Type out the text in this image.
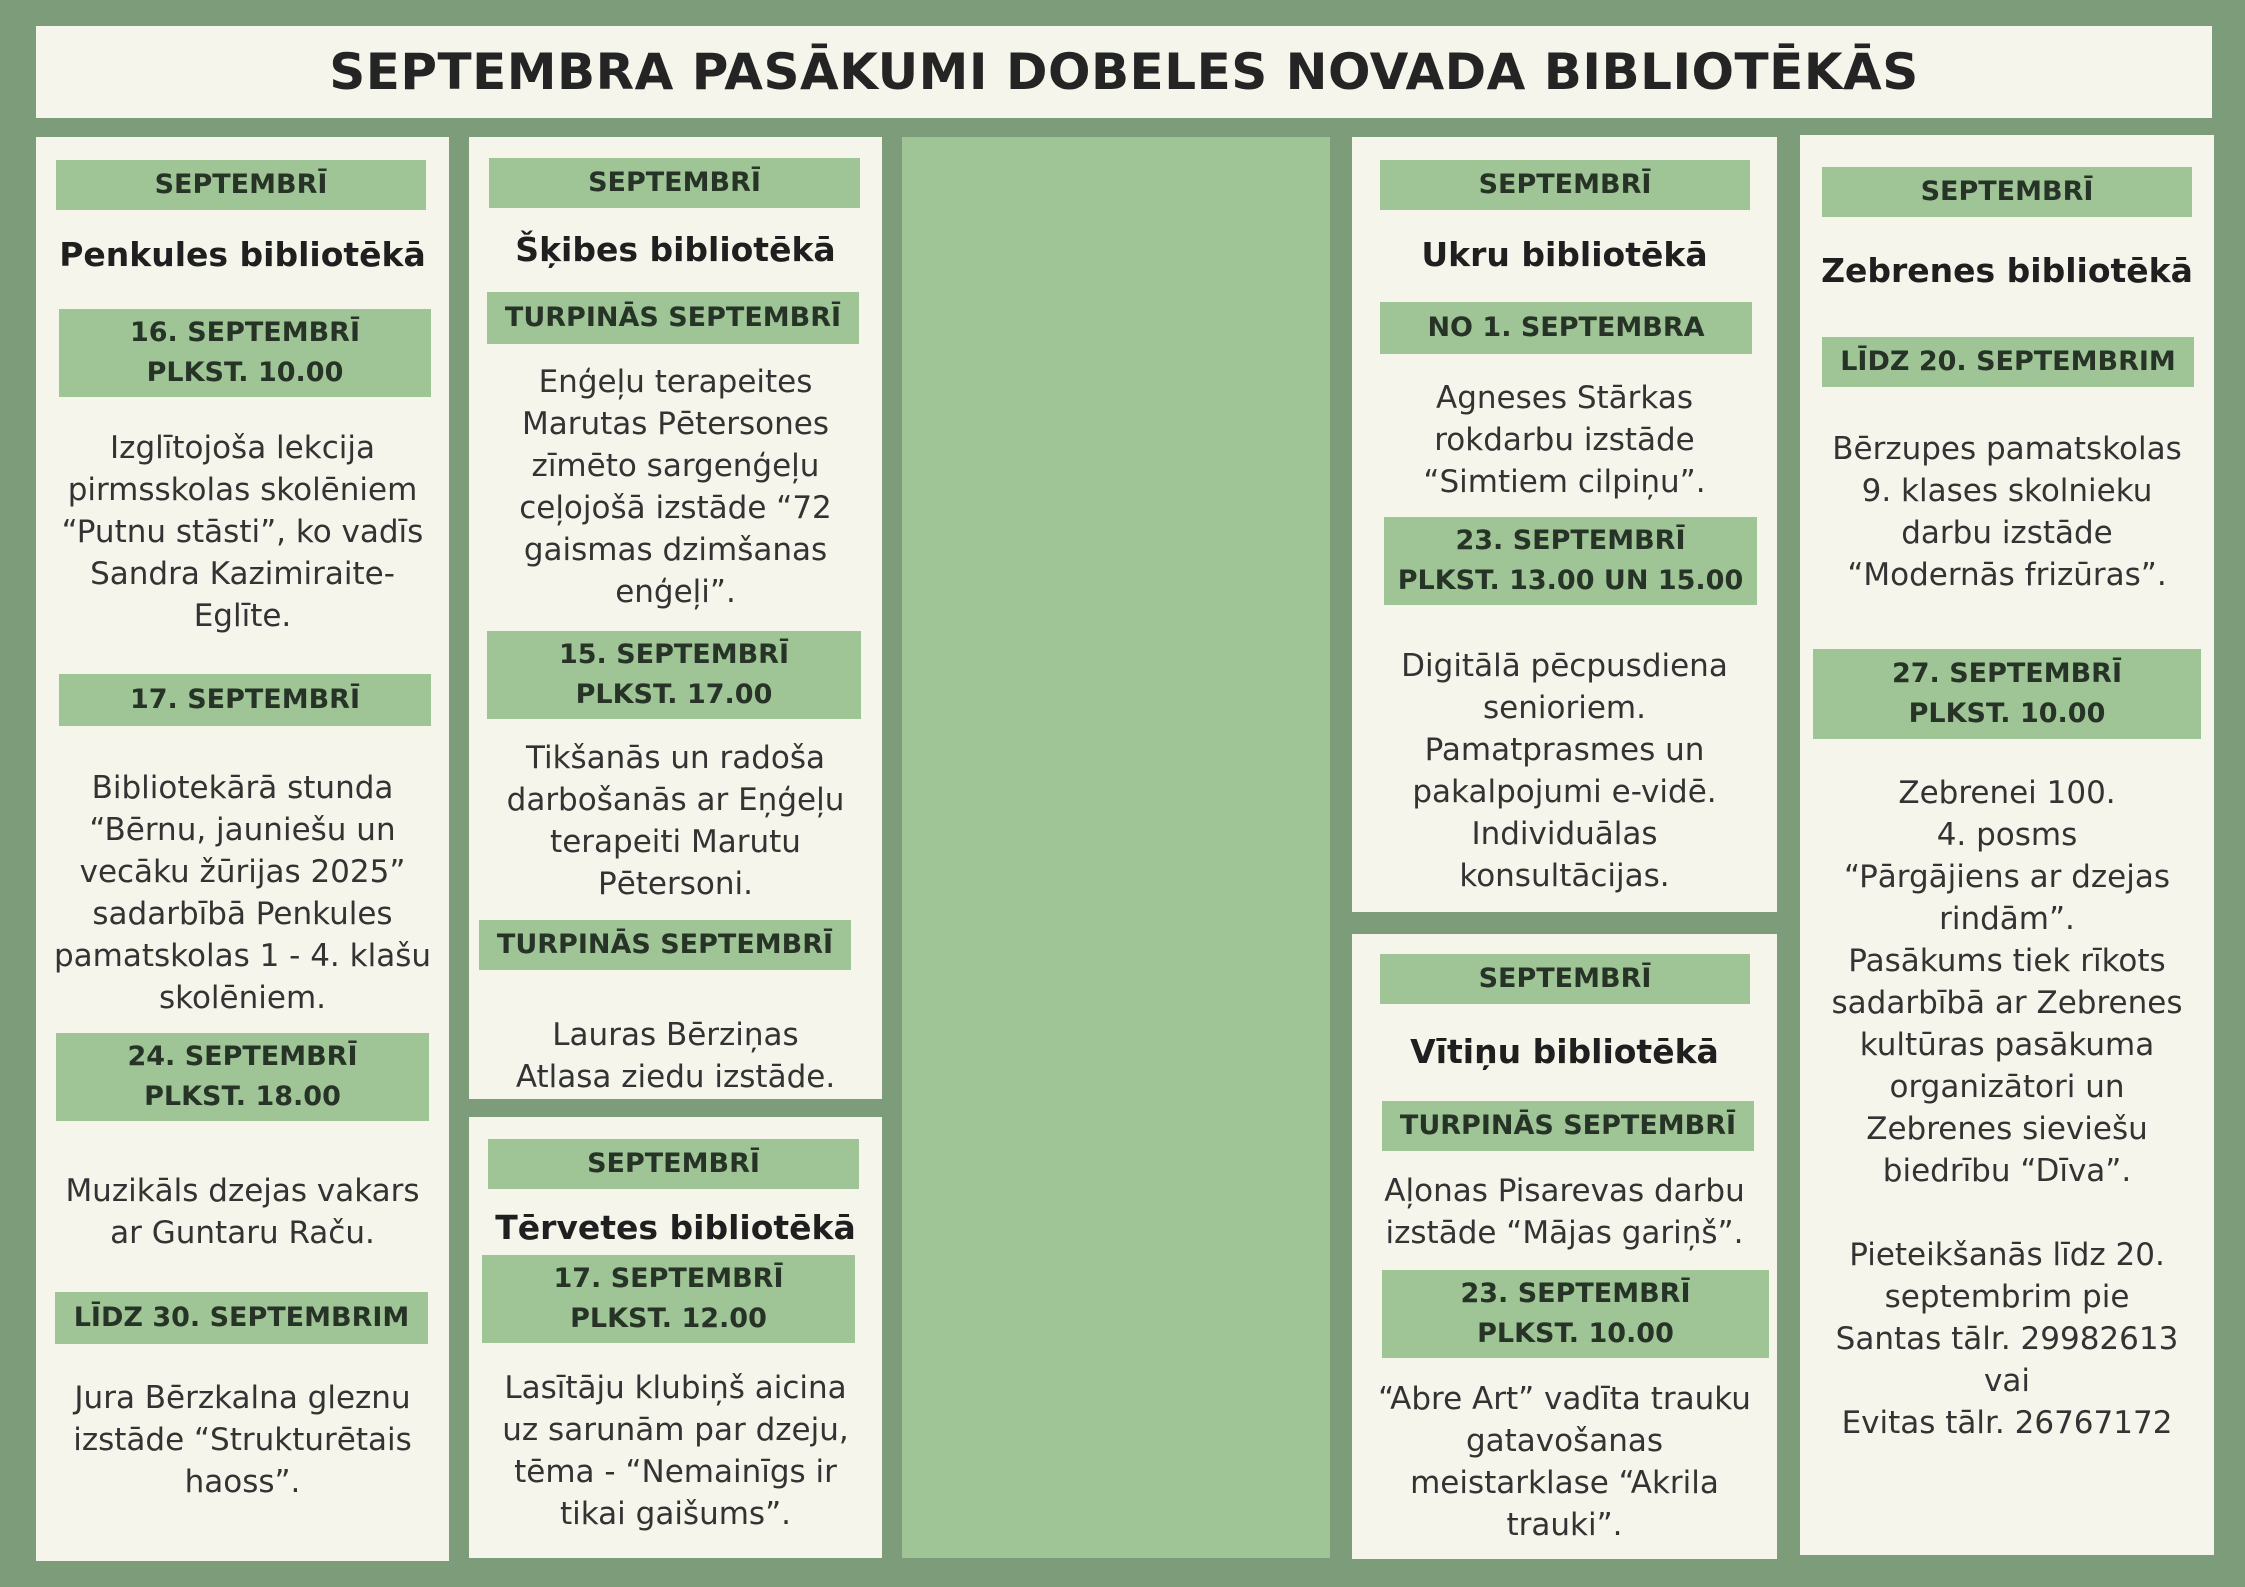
SEPTEMBRA PASĀKUMI DOBELES NOVADA BIBLIOTĒKĀS
SEPTEMBRĪ
Penkules bibliotēkā
16. SEPTEMBRĪ
PLKST. 10.00
Izglītojoša lekcija
pirmsskolas skolēniem
“Putnu stāsti”, ko vadīs
Sandra Kazimiraite-
Eglīte.
17. SEPTEMBRĪ
Bibliotekārā stunda
“Bērnu, jauniešu un
vecāku žūrijas 2025”
sadarbībā Penkules
pamatskolas 1 - 4. klašu
skolēniem.
24. SEPTEMBRĪ
PLKST. 18.00
Muzikāls dzejas vakars
ar Guntaru Raču.
LĪDZ 30. SEPTEMBRIM
Jura Bērzkalna gleznu
izstāde “Strukturētais
haoss”.
SEPTEMBRĪ
Šķibes bibliotēkā
TURPINĀS SEPTEMBRĪ
Enģeļu terapeites
Marutas Pētersones
zīmēto sargenģeļu
ceļojošā izstāde “72
gaismas dzimšanas
enģeļi”.
15. SEPTEMBRĪ
PLKST. 17.00
Tikšanās un radoša
darbošanās ar Eņģeļu
terapeiti Marutu
Pētersoni.
TURPINĀS SEPTEMBRĪ
Lauras Bērziņas
Atlasa ziedu izstāde.
SEPTEMBRĪ
Tērvetes bibliotēkā
17. SEPTEMBRĪ
PLKST. 12.00
Lasītāju klubiņš aicina
uz sarunām par dzeju,
tēma - “Nemainīgs ir
tikai gaišums”.
SEPTEMBRĪ
Ukru bibliotēkā
NO 1. SEPTEMBRA
Agneses Stārkas
rokdarbu izstāde
“Simtiem cilpiņu”.
23. SEPTEMBRĪ
PLKST. 13.00 UN 15.00
Digitālā pēcpusdiena
senioriem.
Pamatprasmes un
pakalpojumi e-vidē.
Individuālas
konsultācijas.
SEPTEMBRĪ
Vītiņu bibliotēkā
TURPINĀS SEPTEMBRĪ
Aļonas Pisarevas darbu
izstāde “Mājas gariņš”.
23. SEPTEMBRĪ
PLKST. 10.00
“Abre Art” vadīta trauku
gatavošanas
meistarklase “Akrila
trauki”.
SEPTEMBRĪ
Zebrenes bibliotēkā
LĪDZ 20. SEPTEMBRIM
Bērzupes pamatskolas
9. klases skolnieku
darbu izstāde
“Modernās frizūras”.
27. SEPTEMBRĪ
PLKST. 10.00
Zebrenei 100.
4. posms
“Pārgājiens ar dzejas
rindām”.
Pasākums tiek rīkots
sadarbībā ar Zebrenes
kultūras pasākuma
organizātori un
Zebrenes sieviešu
biedrību “Dīva”.
Pieteikšanās līdz 20.
septembrim pie
Santas tālr. 29982613
vai
Evitas tālr. 26767172
